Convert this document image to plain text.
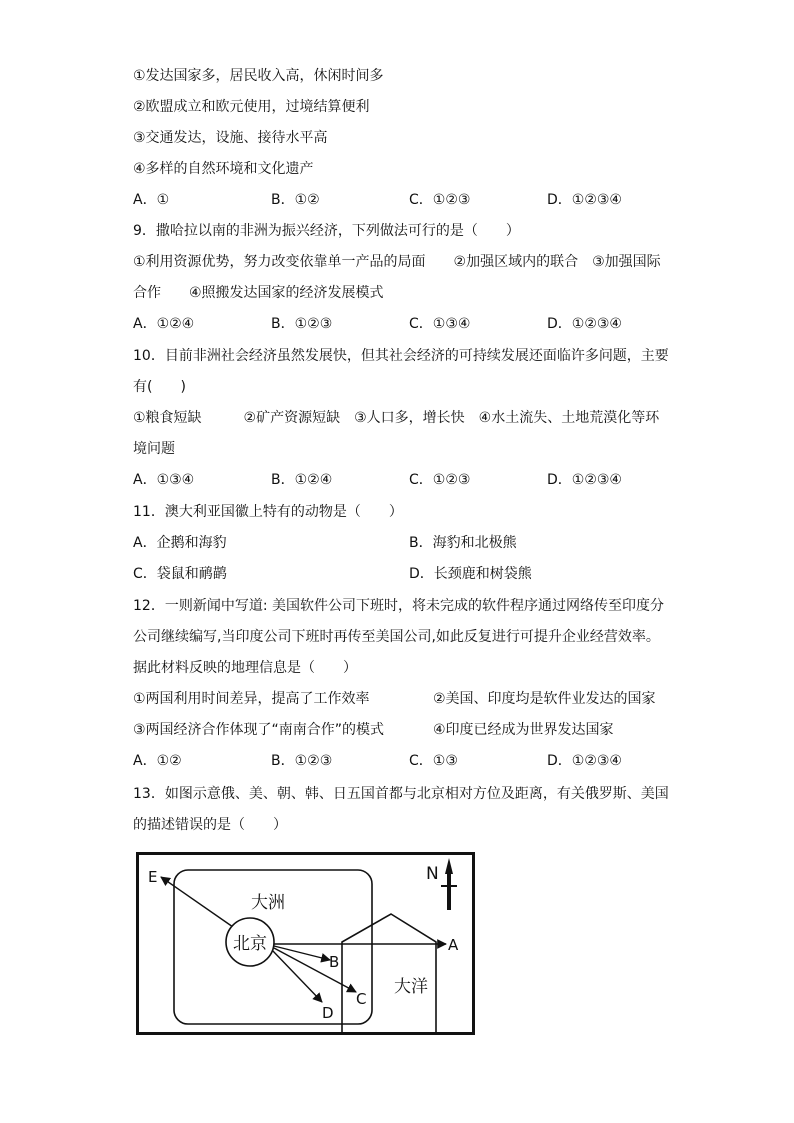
①发达国家多，居民收入高，休闲时间多
②欧盟成立和欧元使用，过境结算便利
③交通发达，设施、接待水平高
④多样的自然环境和文化遗产
A．①	B．①②	C．①②③	D．①②③④
9．撒哈拉以南的非洲为振兴经济，下列做法可行的是（　　）
①利用资源优势，努力改变依靠单一产品的局面　　②加强区域内的联合　③加强国际
合作　　④照搬发达国家的经济发展模式
A．①②④	B．①②③	C．①③④	D．①②③④
10．目前非洲社会经济虽然发展快，但其社会经济的可持续发展还面临许多问题，主要
有(　　)
①粮食短缺　　　②矿产资源短缺　③人口多，增长快　④水土流失、土地荒漠化等环
境问题
A．①③④	B．①②④	C．①②③	D．①②③④
11．澳大利亚国徽上特有的动物是（　　）
A．企鹅和海豹	B．海豹和北极熊
C．袋鼠和鸸鹋	D．长颈鹿和树袋熊
12．一则新闻中写道: 美国软件公司下班时，将未完成的软件程序通过网络传至印度分
公司继续编写,当印度公司下班时再传至美国公司,如此反复进行可提升企业经营效率。
据此材料反映的地理信息是（　　）
①两国利用时间差异，提高了工作效率	②美国、印度均是软件业发达的国家
③两国经济合作体现了“南南合作”的模式	④印度已经成为世界发达国家
A．①②	B．①②③	C．①③	D．①②③④
13．如图示意俄、美、朝、韩、日五国首都与北京相对方位及距离，有关俄罗斯、美国
的描述错误的是（　　）
北京
大洲
大洋
E
A
B
C
D
N
